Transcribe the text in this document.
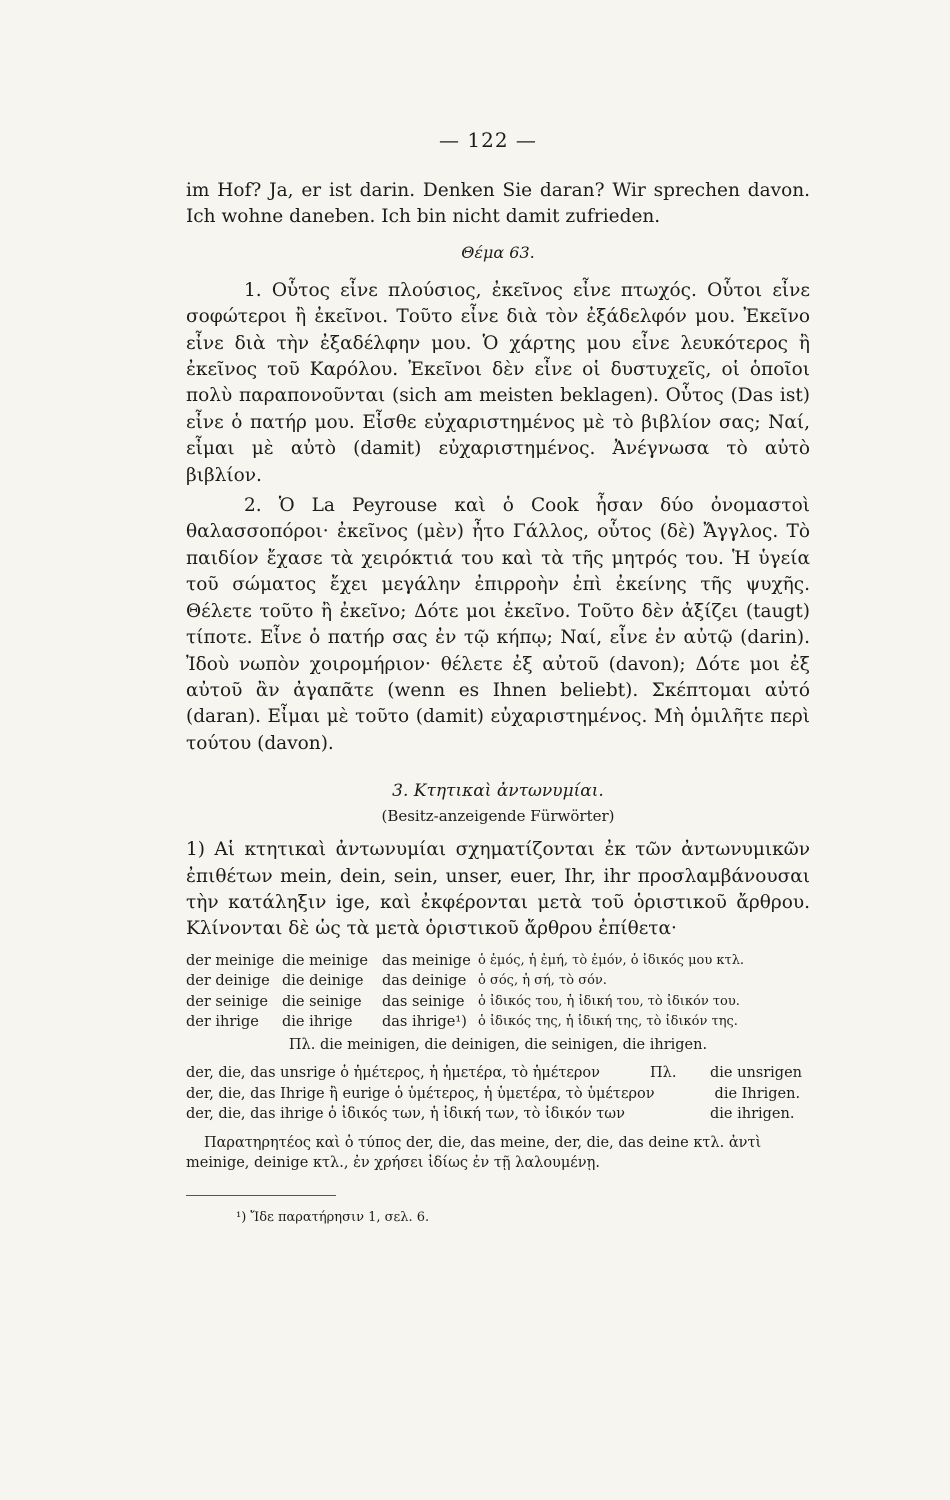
— 122 —

im Hof? Ja, er ist darin. Denken Sie daran? Wir sprechen davon. Ich wohne daneben. Ich bin nicht damit zufrieden.

Θέμα 63.

1. Οὗτος εἶνε πλούσιος, ἐκεῖνος εἶνε πτωχός. Οὗτοι εἶνε σοφώτεροι ἢ ἐκεῖνοι. Τοῦτο εἶνε διὰ τὸν ἐξάδελφόν μου. Ἐκεῖνο εἶνε διὰ τὴν ἐξαδέλφην μου. Ὁ χάρτης μου εἶνε λευκότερος ἢ ἐκεῖνος τοῦ Καρόλου. Ἐκεῖνοι δὲν εἶνε οἱ δυστυχεῖς, οἱ ὁποῖοι πολὺ παραπονοῦνται (sich am meisten beklagen). Οὗτος (Das ist) εἶνε ὁ πατήρ μου. Εἶσθε εὐχαριστημένος μὲ τὸ βιβλίον σας; Ναί, εἶμαι μὲ αὐτὸ (damit) εὐχαριστημένος. Ἀνέγνωσα τὸ αὐτὸ βιβλίον.

2. Ὁ La Peyrouse καὶ ὁ Cook ἦσαν δύο ὀνομαστοὶ θαλασσοπόροι· ἐκεῖνος (μὲν) ἦτο Γάλλος, οὗτος (δὲ) Ἄγγλος. Τὸ παιδίον ἔχασε τὰ χειρόκτιά του καὶ τὰ τῆς μητρός του. Ἡ ὑγεία τοῦ σώματος ἔχει μεγάλην ἐπιρροὴν ἐπὶ ἐκείνης τῆς ψυχῆς. Θέλετε τοῦτο ἢ ἐκεῖνο; Δότε μοι ἐκεῖνο. Τοῦτο δὲν ἀξίζει (taugt) τίποτε. Εἶνε ὁ πατήρ σας ἐν τῷ κήπῳ; Ναί, εἶνε ἐν αὐτῷ (darin). Ἰδοὺ νωπὸν χοιρομήριον· θέλετε ἐξ αὐτοῦ (davon); Δότε μοι ἐξ αὐτοῦ ἂν ἀγαπᾶτε (wenn es Ihnen beliebt). Σκέπτομαι αὐτό (daran). Εἶμαι μὲ τοῦτο (damit) εὐχαριστημένος. Μὴ ὁμιλῆτε περὶ τούτου (davon).

3. Κτητικαὶ ἀντωνυμίαι.
(Besitz-anzeigende Fürwörter)

1) Αἱ κτητικαὶ ἀντωνυμίαι σχηματίζονται ἐκ τῶν ἀντωνυμικῶν ἐπιθέτων mein, dein, sein, unser, euer, Ihr, ihr προσλαμβάνουσαι τὴν κατάληξιν ige, καὶ ἐκφέρονται μετὰ τοῦ ὁριστικοῦ ἄρθρου. Κλίνονται δὲ ὡς τὰ μετὰ ὁριστικοῦ ἄρθρου ἐπίθετα·

der meinige die meinige das meinige ὁ ἐμός, ἡ ἐμή, τὸ ἐμόν, ὁ ἰδικός μου κτλ.
der deinige die deinige	das deinige ὁ σός, ἡ σή, τὸ σόν.
der seinige die seinige	das seinige	ὁ ἰδικός του, ἡ ἰδική του, τὸ ἰδικόν του.
der ihrige	die ihrige	das ihrige¹) ὁ ἰδικός της, ἡ ἰδική της, τὸ ἰδικόν της.
Πλ. die meinigen, die deinigen, die seinigen, die ihrigen.
der, die, das unsrige ὁ ἡμέτερος, ἡ ἡμετέρα, τὸ ἡμέτερον	Πλ.	die unsrigen
der, die, das Ihrige ἢ eurige ὁ ὑμέτερος, ἡ ὑμετέρα, τὸ ὑμέτερον	die Ihrigen.
der, die, das ihrige ὁ ἰδικός των, ἡ ἰδική των, τὸ ἰδικόν των	die ihrigen.

Παρατηρητέος καὶ ὁ τύπος der, die, das meine, der, die, das deine κτλ. ἀντὶ meinige, deinige κτλ., ἐν χρήσει ἰδίως ἐν τῇ λαλουμένῃ.

¹) Ἴδε παρατήρησιν 1, σελ. 6.
